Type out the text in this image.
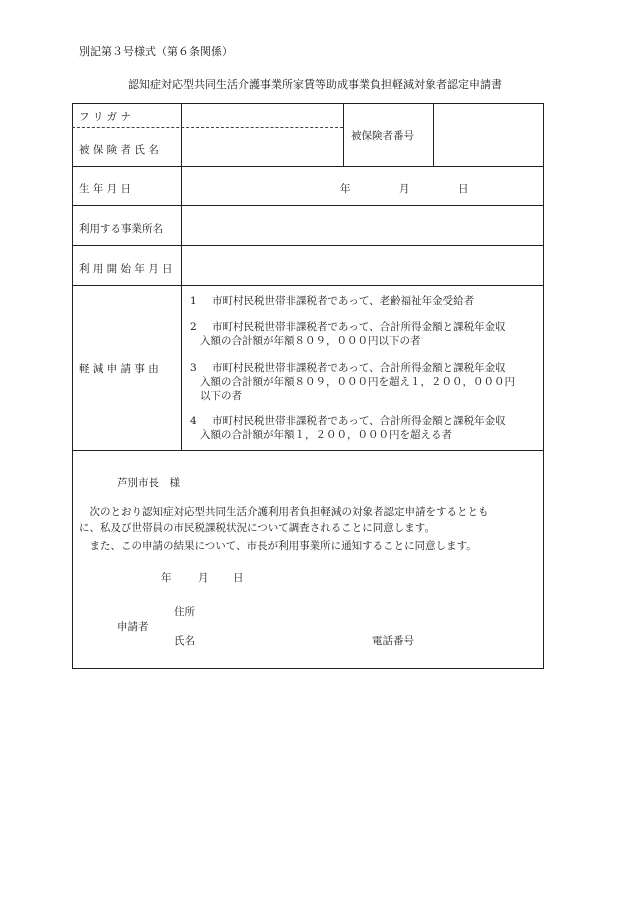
別記第３号様式（第６条関係）
認知症対応型共同生活介護事業所家賃等助成事業負担軽減対象者認定申請書
フ リ ガ ナ
被 保 険 者 氏 名
被保険者番号
生 年 月 日	年	月	日
利用する事業所名
利 用 開 始 年 月 日
軽 減 申 請 事 由
1 市町村民税世帯非課税者であって、老齢福祉年金受給者
2 市町村民税世帯非課税者であって、合計所得金額と課税年金収
入額の合計額が年額８０９，０００円以下の者
3 市町村民税世帯非課税者であって、合計所得金額と課税年金収
入額の合計額が年額８０９，０００円を超え１，２００，０００円
以下の者
4 市町村民税世帯非課税者であって、合計所得金額と課税年金収
入額の合計額が年額１，２００，０００円を超える者
芦別市長　様
　次のとおり認知症対応型共同生活介護利用者負担軽減の対象者認定申請をするととも
に、私及び世帯員の市民税課税状況について調査されることに同意します。
　また、この申請の結果について、市長が利用事業所に通知することに同意します。
年	月 日
住所
申請者
氏名	電話番号
